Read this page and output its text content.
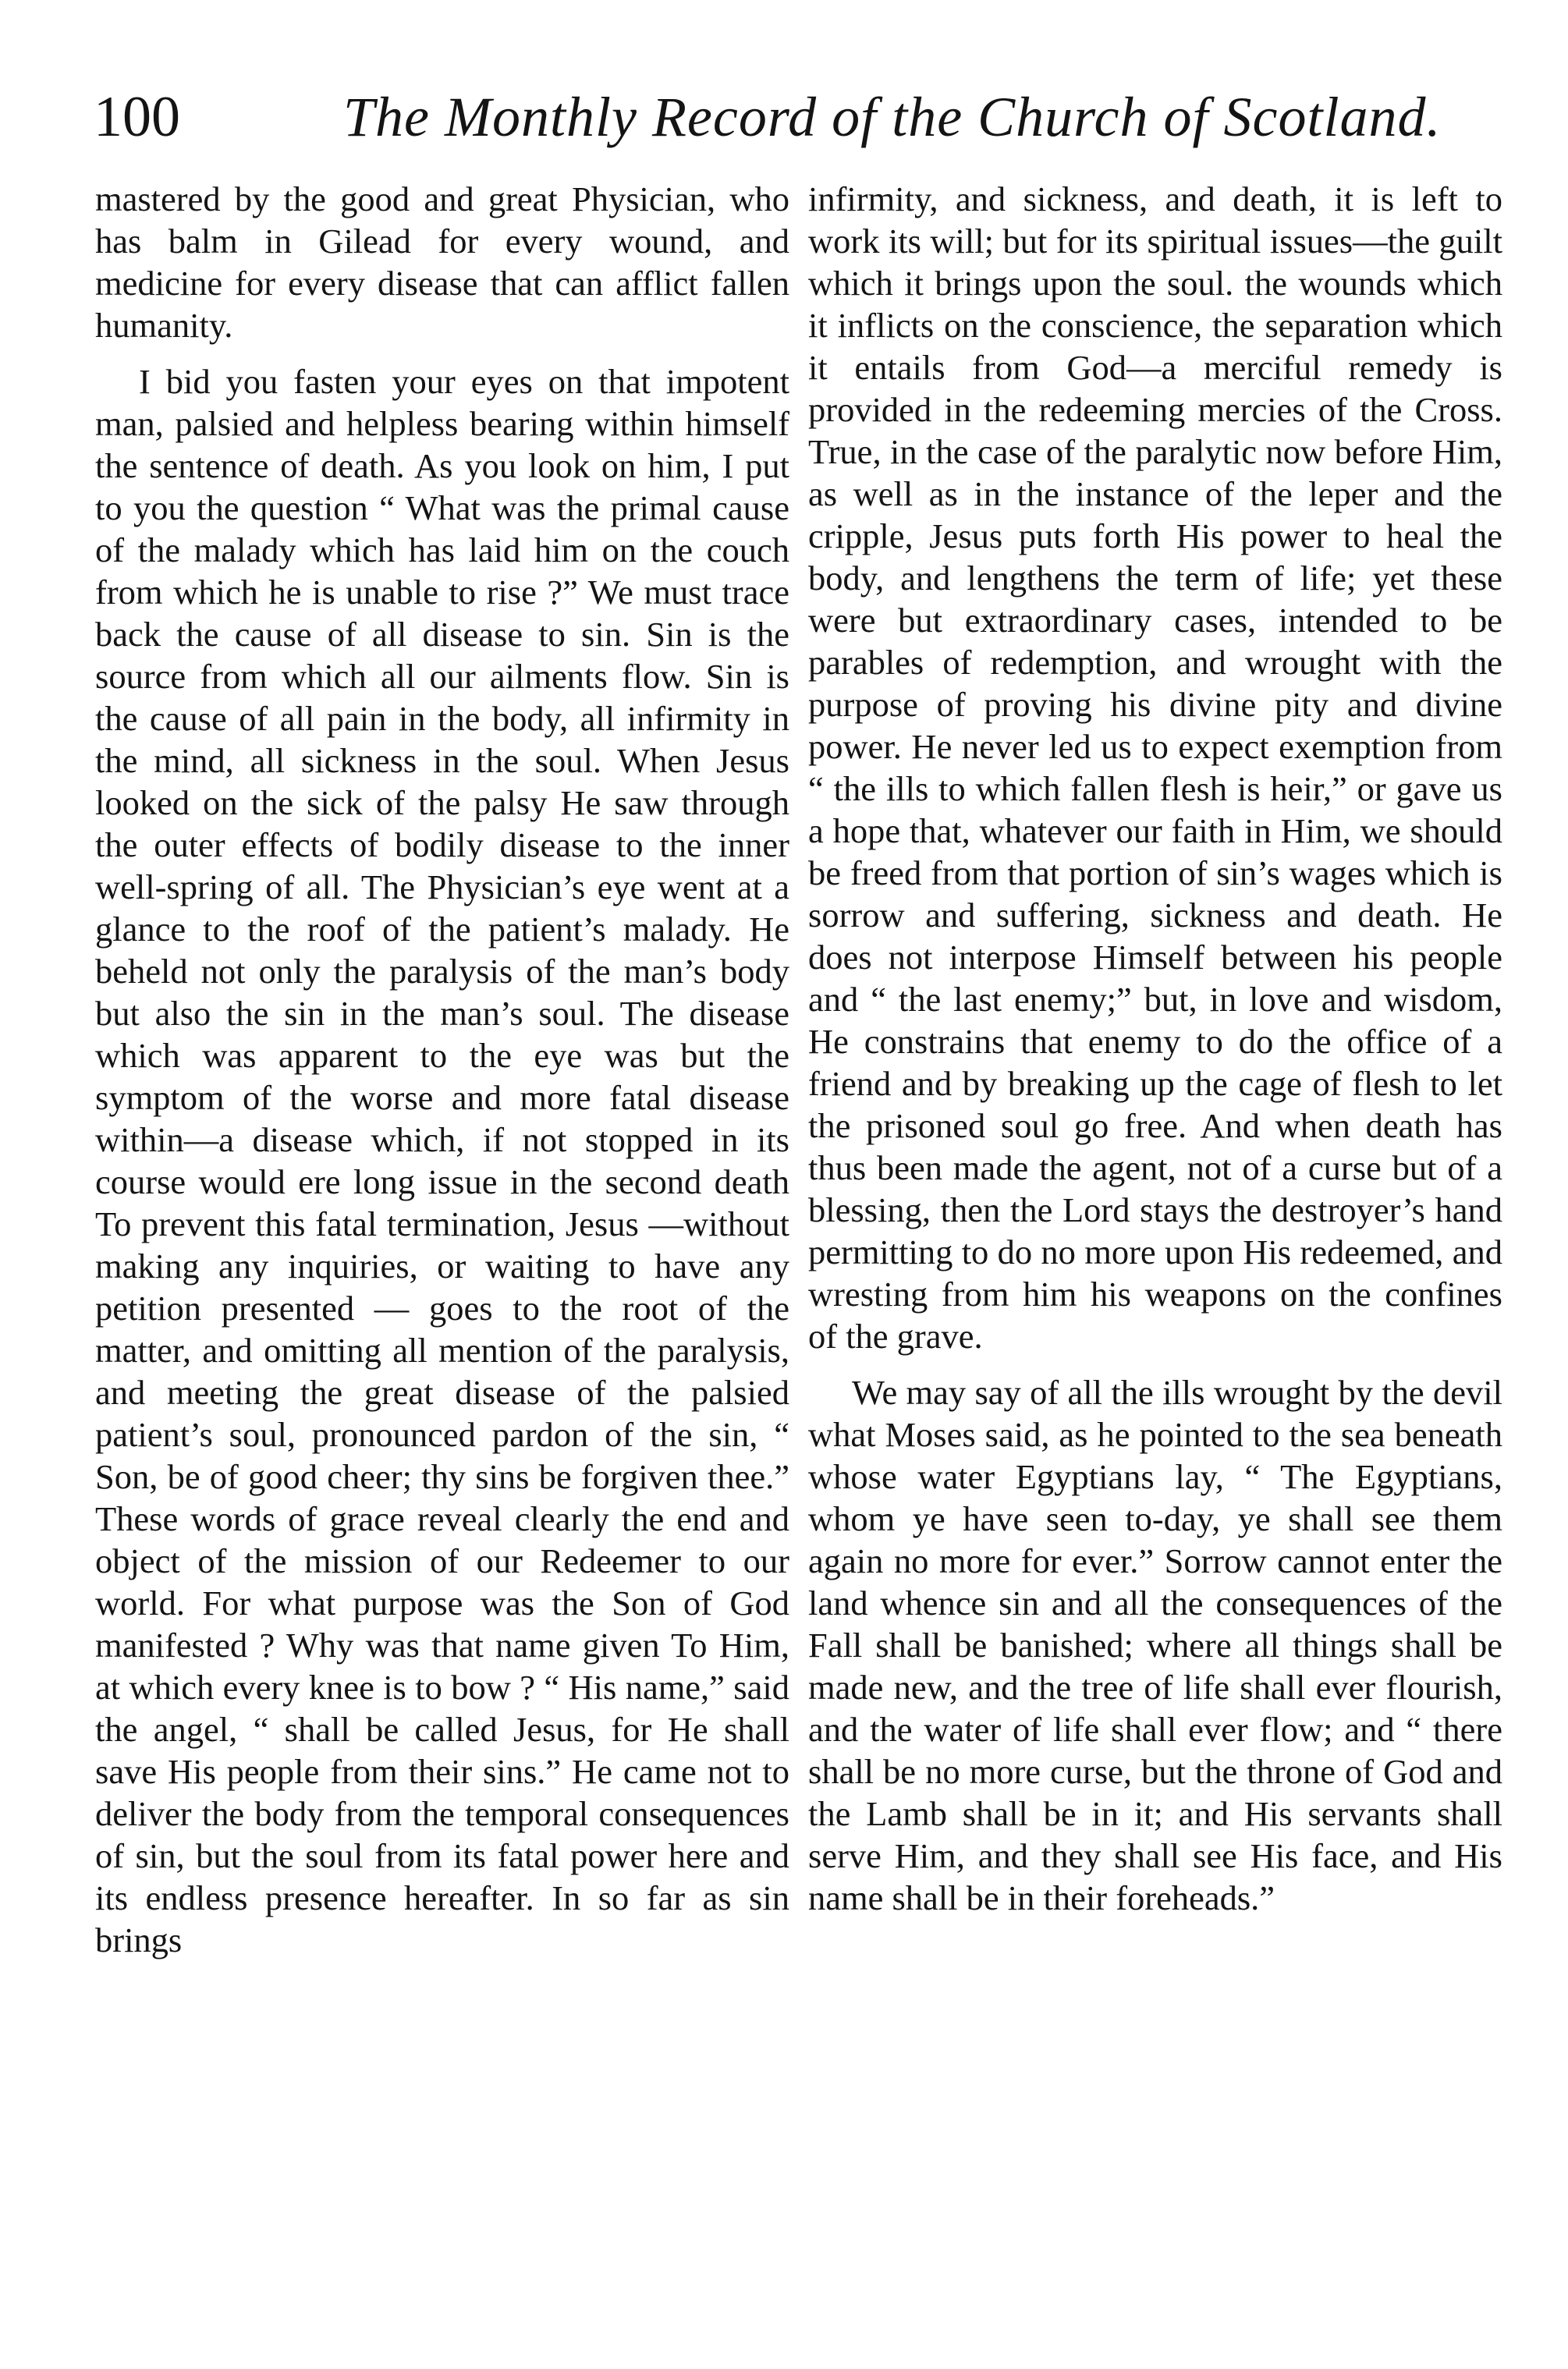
100	The Monthly Record of the Church of Scotland.

mastered by the good and great Physician, who has balm in Gilead for every wound, and medicine for every disease that can afflict fallen humanity.

I bid you fasten your eyes on that impotent man, palsied and helpless bearing within himself the sentence of death. As you look on him, I put to you the question “ What was the primal cause of the malady which has laid him on the couch from which he is unable to rise ?” We must trace back the cause of all disease to sin. Sin is the source from which all our ailments flow. Sin is the cause of all pain in the body, all infirmity in the mind, all sickness in the soul. When Jesus looked on the sick of the palsy He saw through the outer effects of bodily disease to the inner well-spring of all. The Physician’s eye went at a glance to the roof of the patient’s malady. He beheld not only the paralysis of the man’s body but also the sin in the man’s soul. The disease which was apparent to the eye was but the symptom of the worse and more fatal disease within—a disease which, if not stopped in its course would ere long issue in the second death To prevent this fatal termination, Jesus —without making any inquiries, or waiting to have any petition presented — goes to the root of the matter, and omitting all mention of the paralysis, and meeting the great disease of the palsied patient’s soul, pronounced pardon of the sin, “ Son, be of good cheer; thy sins be forgiven thee.” These words of grace reveal clearly the end and object of the mission of our Redeemer to our world. For what purpose was the Son of God manifested ? Why was that name given To Him, at which every knee is to bow ? “ His name,” said the angel, “ shall be called Jesus, for He shall save His people from their sins.” He came not to deliver the body from the temporal consequences of sin, but the soul from its fatal power here and its endless presence hereafter. In so far as sin brings

infirmity, and sickness, and death, it is left to work its will; but for its spiritual issues—the guilt which it brings upon the soul. the wounds which it inflicts on the conscience, the separation which it entails from God—a merciful remedy is provided in the redeeming mercies of the Cross. True, in the case of the paralytic now before Him, as well as in the instance of the leper and the cripple, Jesus puts forth His power to heal the body, and lengthens the term of life; yet these were but extraordinary cases, intended to be parables of redemption, and wrought with the purpose of proving his divine pity and divine power. He never led us to expect exemption from “ the ills to which fallen flesh is heir,” or gave us a hope that, whatever our faith in Him, we should be freed from that portion of sin’s wages which is sorrow and suffering, sickness and death. He does not interpose Himself between his people and “ the last enemy;” but, in love and wisdom, He constrains that enemy to do the office of a friend and by breaking up the cage of flesh to let the prisoned soul go free. And when death has thus been made the agent, not of a curse but of a blessing, then the Lord stays the destroyer’s hand permitting to do no more upon His redeemed, and wresting from him his weapons on the confines of the grave.

We may say of all the ills wrought by the devil what Moses said, as he pointed to the sea beneath whose water Egyptians lay, “ The Egyptians, whom ye have seen to-day, ye shall see them again no more for ever.” Sorrow cannot enter the land whence sin and all the consequences of the Fall shall be banished; where all things shall be made new, and the tree of life shall ever flourish, and the water of life shall ever flow; and “ there shall be no more curse, but the throne of God and the Lamb shall be in it; and His servants shall serve Him, and they shall see His face, and His name shall be in their foreheads.”
